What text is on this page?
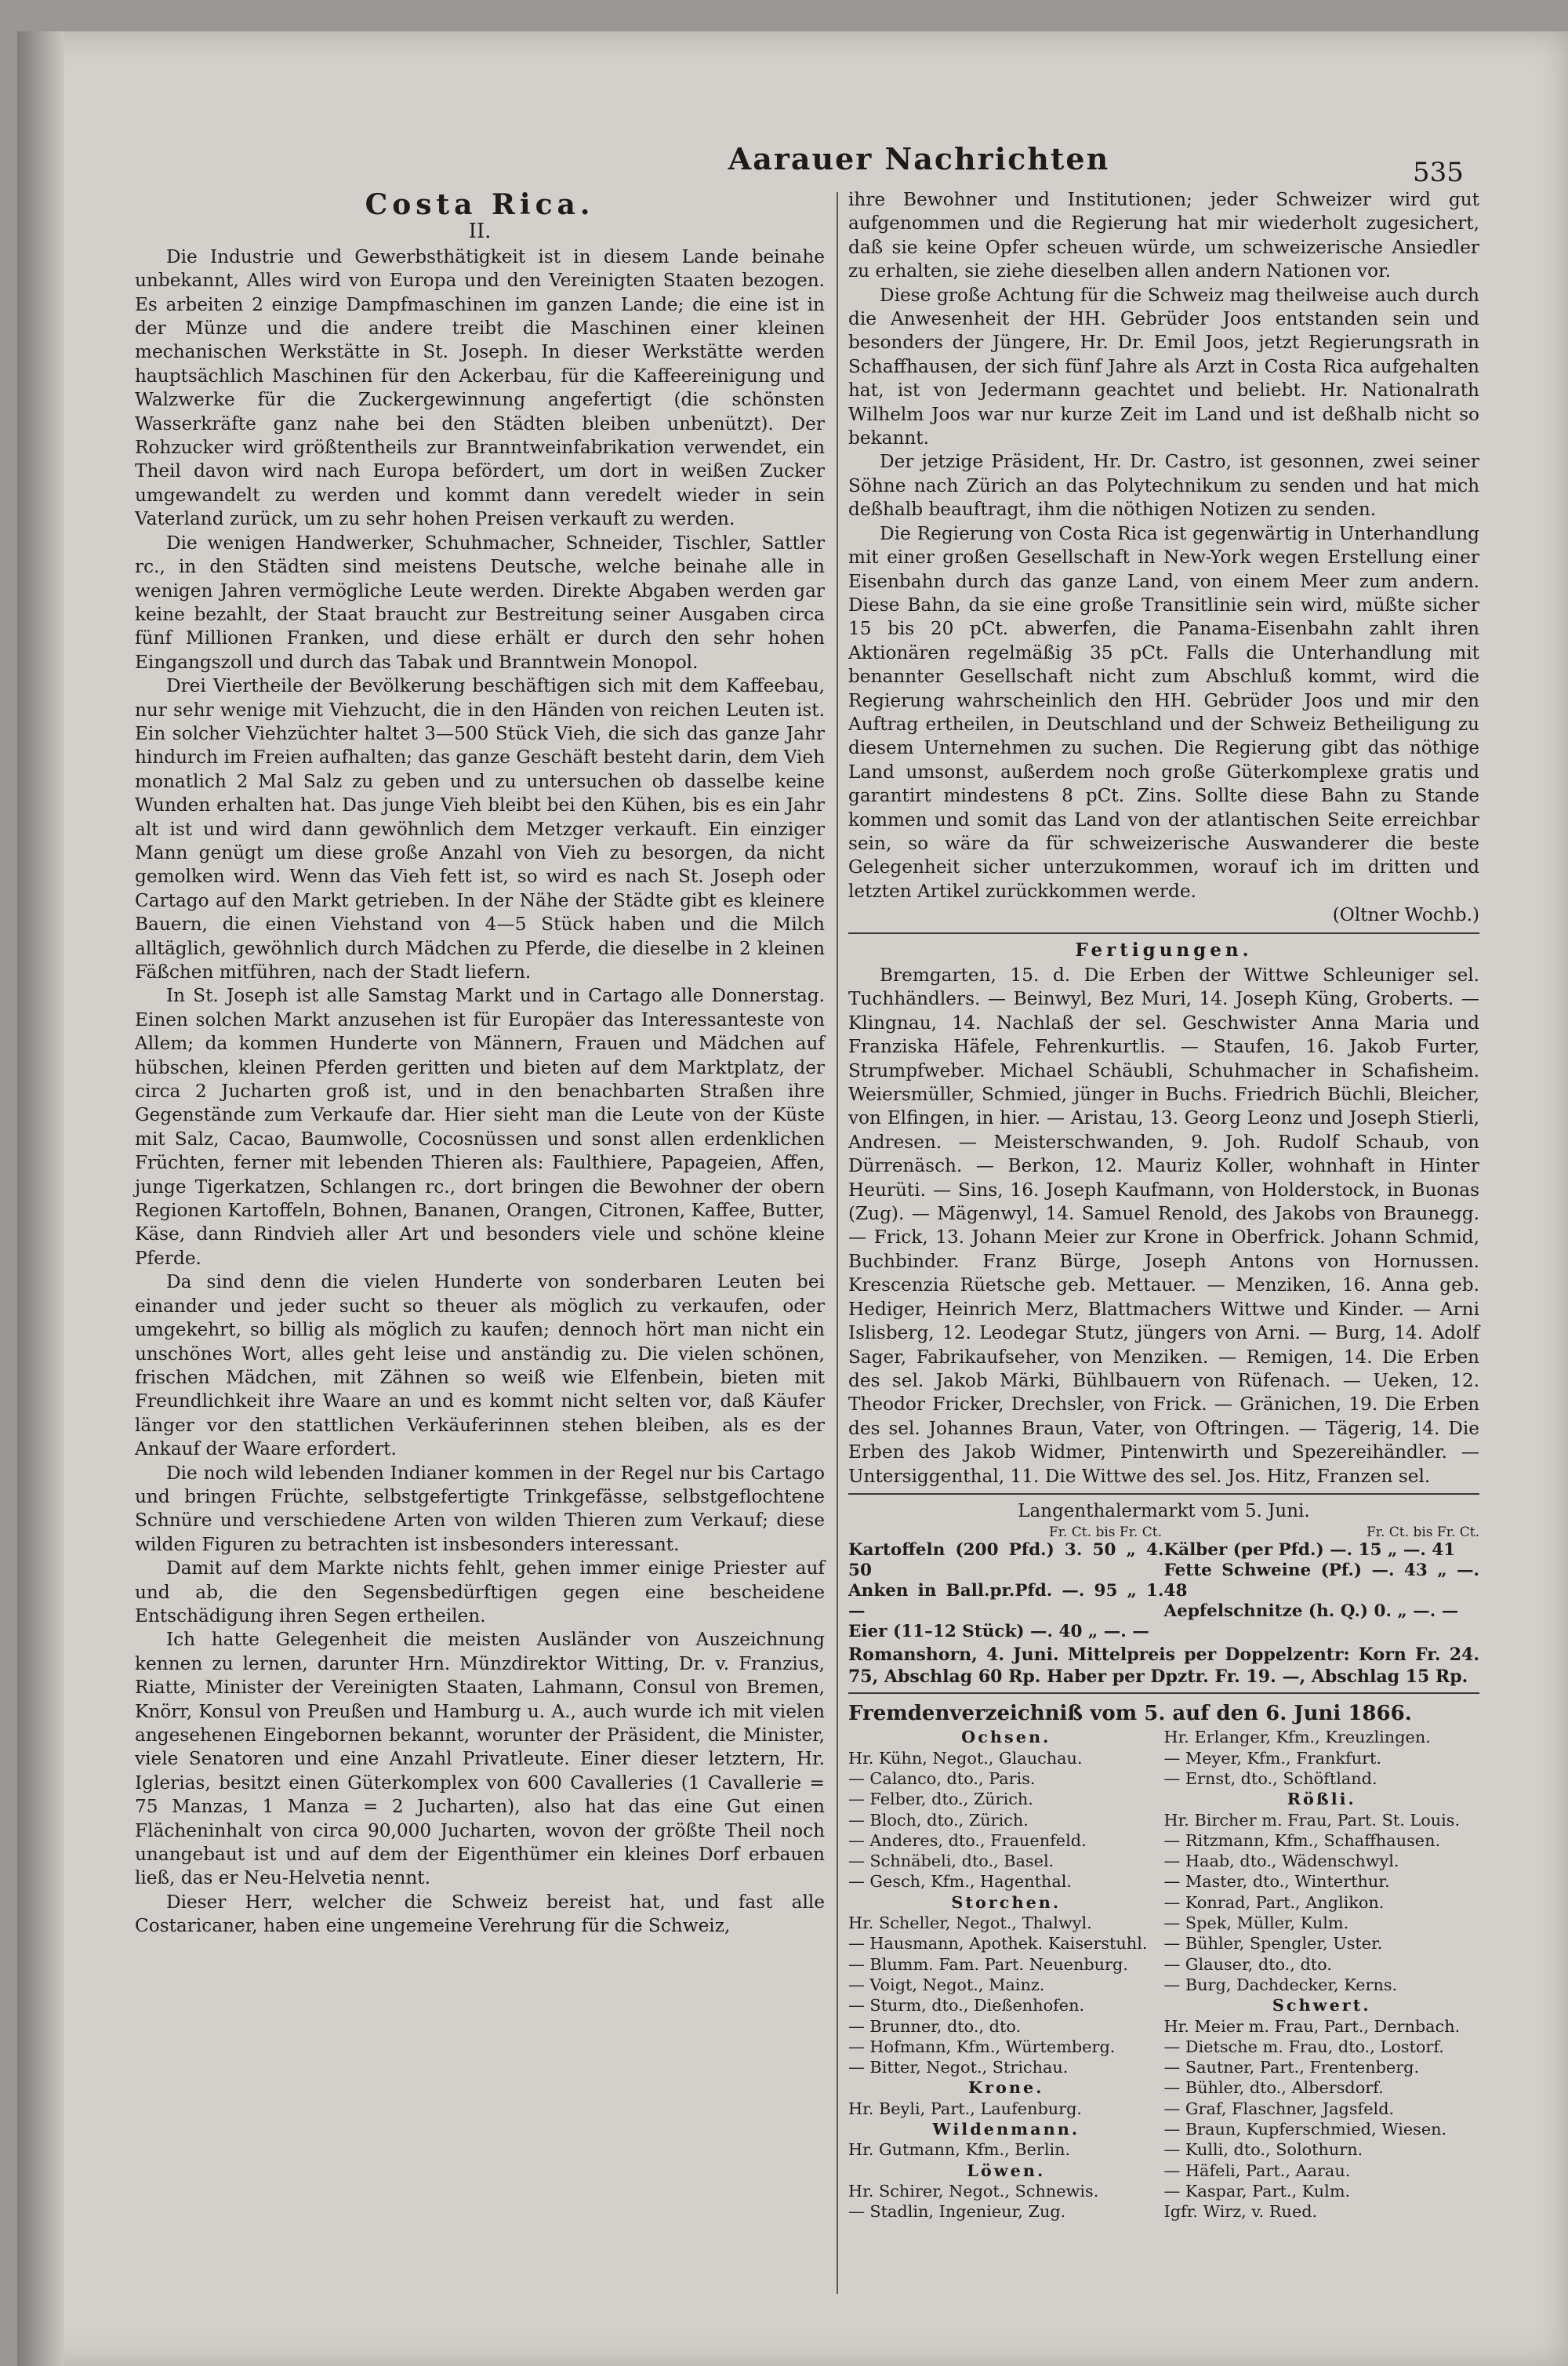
Aarauer Nachrichten	535
Costa Rica.
II.

Die Industrie und Gewerbsthätigkeit ist in diesem Lande beinahe unbekannt, Alles wird von Europa und den Vereinigten Staaten bezogen. Es arbeiten 2 einzige Dampfmaschinen im ganzen Lande; die eine ist in der Münze und die andere treibt die Maschinen einer kleinen mechanischen Werkstätte in St. Joseph. In dieser Werkstätte werden hauptsächlich Maschinen für den Ackerbau, für die Kaffeereinigung und Walzwerke für die Zuckergewinnung angefertigt (die schönsten Wasserkräfte ganz nahe bei den Städten bleiben unbenützt). Der Rohzucker wird größtentheils zur Branntweinfabrikation verwendet, ein Theil davon wird nach Europa befördert, um dort in weißen Zucker umgewandelt zu werden und kommt dann veredelt wieder in sein Vaterland zurück, um zu sehr hohen Preisen verkauft zu werden.

Die wenigen Handwerker, Schuhmacher, Schneider, Tischler, Sattler rc., in den Städten sind meistens Deutsche, welche beinahe alle in wenigen Jahren vermögliche Leute werden. Direkte Abgaben werden gar keine bezahlt, der Staat braucht zur Bestreitung seiner Ausgaben circa fünf Millionen Franken, und diese erhält er durch den sehr hohen Eingangszoll und durch das Tabak und Branntwein Monopol.

Drei Viertheile der Bevölkerung beschäftigen sich mit dem Kaffeebau, nur sehr wenige mit Viehzucht, die in den Händen von reichen Leuten ist. Ein solcher Viehzüchter haltet 3—500 Stück Vieh, die sich das ganze Jahr hindurch im Freien aufhalten; das ganze Geschäft besteht darin, dem Vieh monatlich 2 Mal Salz zu geben und zu untersuchen ob dasselbe keine Wunden erhalten hat. Das junge Vieh bleibt bei den Kühen, bis es ein Jahr alt ist und wird dann gewöhnlich dem Metzger verkauft. Ein einziger Mann genügt um diese große Anzahl von Vieh zu besorgen, da nicht gemolken wird. Wenn das Vieh fett ist, so wird es nach St. Joseph oder Cartago auf den Markt getrieben. In der Nähe der Städte gibt es kleinere Bauern, die einen Viehstand von 4—5 Stück haben und die Milch alltäglich, gewöhnlich durch Mädchen zu Pferde, die dieselbe in 2 kleinen Fäßchen mitführen, nach der Stadt liefern.

In St. Joseph ist alle Samstag Markt und in Cartago alle Donnerstag. Einen solchen Markt anzusehen ist für Europäer das Interessanteste von Allem; da kommen Hunderte von Männern, Frauen und Mädchen auf hübschen, kleinen Pferden geritten und bieten auf dem Marktplatz, der circa 2 Jucharten groß ist, und in den benachbarten Straßen ihre Gegenstände zum Verkaufe dar. Hier sieht man die Leute von der Küste mit Salz, Cacao, Baumwolle, Cocosnüssen und sonst allen erdenklichen Früchten, ferner mit lebenden Thieren als: Faulthiere, Papageien, Affen, junge Tigerkatzen, Schlangen rc., dort bringen die Bewohner der obern Regionen Kartoffeln, Bohnen, Bananen, Orangen, Citronen, Kaffee, Butter, Käse, dann Rindvieh aller Art und besonders viele und schöne kleine Pferde.

Da sind denn die vielen Hunderte von sonderbaren Leuten bei einander und jeder sucht so theuer als möglich zu verkaufen, oder umgekehrt, so billig als möglich zu kaufen; dennoch hört man nicht ein unschönes Wort, alles geht leise und anständig zu. Die vielen schönen, frischen Mädchen, mit Zähnen so weiß wie Elfenbein, bieten mit Freundlichkeit ihre Waare an und es kommt nicht selten vor, daß Käufer länger vor den stattlichen Verkäuferinnen stehen bleiben, als es der Ankauf der Waare erfordert.

Die noch wild lebenden Indianer kommen in der Regel nur bis Cartago und bringen Früchte, selbstgefertigte Trinkgefässe, selbstgeflochtene Schnüre und verschiedene Arten von wilden Thieren zum Verkauf; diese wilden Figuren zu betrachten ist insbesonders interessant.

Damit auf dem Markte nichts fehlt, gehen immer einige Priester auf und ab, die den Segensbedürftigen gegen eine bescheidene Entschädigung ihren Segen ertheilen.

Ich hatte Gelegenheit die meisten Ausländer von Auszeichnung kennen zu lernen, darunter Hrn. Münzdirektor Witting, Dr. v. Franzius, Riatte, Minister der Vereinigten Staaten, Lahmann, Consul von Bremen, Knörr, Konsul von Preußen und Hamburg u. A., auch wurde ich mit vielen angesehenen Eingebornen bekannt, worunter der Präsident, die Minister, viele Senatoren und eine Anzahl Privatleute. Einer dieser letztern, Hr. Iglerias, besitzt einen Güterkomplex von 600 Cavalleries (1 Cavallerie = 75 Manzas, 1 Manza = 2 Jucharten), also hat das eine Gut einen Flächeninhalt von circa 90,000 Jucharten, wovon der größte Theil noch unangebaut ist und auf dem der Eigenthümer ein kleines Dorf erbauen ließ, das er Neu-Helvetia nennt.

Dieser Herr, welcher die Schweiz bereist hat, und fast alle Costaricaner, haben eine ungemeine Verehrung für die Schweiz,

ihre Bewohner und Institutionen; jeder Schweizer wird gut aufgenommen und die Regierung hat mir wiederholt zugesichert, daß sie keine Opfer scheuen würde, um schweizerische Ansiedler zu erhalten, sie ziehe dieselben allen andern Nationen vor.

Diese große Achtung für die Schweiz mag theilweise auch durch die Anwesenheit der HH. Gebrüder Joos entstanden sein und besonders der Jüngere, Hr. Dr. Emil Joos, jetzt Regierungsrath in Schaffhausen, der sich fünf Jahre als Arzt in Costa Rica aufgehalten hat, ist von Jedermann geachtet und beliebt. Hr. Nationalrath Wilhelm Joos war nur kurze Zeit im Land und ist deßhalb nicht so bekannt.

Der jetzige Präsident, Hr. Dr. Castro, ist gesonnen, zwei seiner Söhne nach Zürich an das Polytechnikum zu senden und hat mich deßhalb beauftragt, ihm die nöthigen Notizen zu senden.

Die Regierung von Costa Rica ist gegenwärtig in Unterhandlung mit einer großen Gesellschaft in New-York wegen Erstellung einer Eisenbahn durch das ganze Land, von einem Meer zum andern. Diese Bahn, da sie eine große Transitlinie sein wird, müßte sicher 15 bis 20 pCt. abwerfen, die Panama-Eisenbahn zahlt ihren Aktionären regelmäßig 35 pCt. Falls die Unterhandlung mit benannter Gesellschaft nicht zum Abschluß kommt, wird die Regierung wahrscheinlich den HH. Gebrüder Joos und mir den Auftrag ertheilen, in Deutschland und der Schweiz Betheiligung zu diesem Unternehmen zu suchen. Die Regierung gibt das nöthige Land umsonst, außerdem noch große Güterkomplexe gratis und garantirt mindestens 8 pCt. Zins. Sollte diese Bahn zu Stande kommen und somit das Land von der atlantischen Seite erreichbar sein, so wäre da für schweizerische Auswanderer die beste Gelegenheit sicher unterzukommen, worauf ich im dritten und letzten Artikel zurückkommen werde.

(Oltner Wochb.)
Fertigungen.

Bremgarten, 15. d. Die Erben der Wittwe Schleuniger sel. Tuchhändlers. — Beinwyl, Bez Muri, 14. Joseph Küng, Groberts. — Klingnau, 14. Nachlaß der sel. Geschwister Anna Maria und Franziska Häfele, Fehrenkurtlis. — Staufen, 16. Jakob Furter, Strumpfweber. Michael Schäubli, Schuhmacher in Schafisheim. Weiersmüller, Schmied, jünger in Buchs. Friedrich Büchli, Bleicher, von Elfingen, in hier. — Aristau, 13. Georg Leonz und Joseph Stierli, Andresen. — Meisterschwanden, 9. Joh. Rudolf Schaub, von Dürrenäsch. — Berkon, 12. Mauriz Koller, wohnhaft in Hinter Heurüti. — Sins, 16. Joseph Kaufmann, von Holderstock, in Buonas (Zug). — Mägenwyl, 14. Samuel Renold, des Jakobs von Braunegg. — Frick, 13. Johann Meier zur Krone in Oberfrick. Johann Schmid, Buchbinder. Franz Bürge, Joseph Antons von Hornussen. Krescenzia Rüetsche geb. Mettauer. — Menziken, 16. Anna geb. Hediger, Heinrich Merz, Blattmachers Wittwe und Kinder. — Arni Islisberg, 12. Leodegar Stutz, jüngers von Arni. — Burg, 14. Adolf Sager, Fabrikaufseher, von Menziken. — Remigen, 14. Die Erben des sel. Jakob Märki, Bühlbauern von Rüfenach. — Ueken, 12. Theodor Fricker, Drechsler, von Frick. — Gränichen, 19. Die Erben des sel. Johannes Braun, Vater, von Oftringen. — Tägerig, 14. Die Erben des Jakob Widmer, Pintenwirth und Spezereihändler. — Untersiggenthal, 11. Die Wittwe des sel. Jos. Hitz, Franzen sel.

Langenthalermarkt vom 5. Juni.
Fr. Ct. bis Fr. Ct.	Fr. Ct. bis Fr. Ct.
Kartoffeln (200 Pfd.) 3. 50 „ 4. 50
Anken in Ball.pr.Pfd. —. 95 „ 1. —
Eier (11–12 Stück) —. 40 „ —. —
Kälber (per Pfd.) —. 15 „ —. 41
Fette Schweine (Pf.) —. 43 „ —. 48
Aepfelschnitze (h. Q.) 0. „ —. —

Romanshorn, 4. Juni. Mittelpreis per Doppelzentr: Korn Fr. 24. 75, Abschlag 60 Rp. Haber per Dpztr. Fr. 19. —, Abschlag 15 Rp.

Fremdenverzeichniß vom 5. auf den 6. Juni 1866.
Ochsen.
Hr. Kühn, Negot., Glauchau.
— Calanco, dto., Paris.
— Felber, dto., Zürich.
— Bloch, dto., Zürich.
— Anderes, dto., Frauenfeld.
— Schnäbeli, dto., Basel.
— Gesch, Kfm., Hagenthal.
Storchen.
Hr. Scheller, Negot., Thalwyl.
— Hausmann, Apothek. Kaiserstuhl.
— Blumm. Fam. Part. Neuenburg.
— Voigt, Negot., Mainz.
— Sturm, dto., Dießenhofen.
— Brunner, dto., dto.
— Hofmann, Kfm., Würtemberg.
— Bitter, Negot., Strichau.
Krone.
Hr. Beyli, Part., Laufenburg.
Wildenmann.
Hr. Gutmann, Kfm., Berlin.
Löwen.
Hr. Schirer, Negot., Schnewis.
— Stadlin, Ingenieur, Zug.
Hr. Erlanger, Kfm., Kreuzlingen.
— Meyer, Kfm., Frankfurt.
— Ernst, dto., Schöftland.
Rößli.
Hr. Bircher m. Frau, Part. St. Louis.
— Ritzmann, Kfm., Schaffhausen.
— Haab, dto., Wädenschwyl.
— Master, dto., Winterthur.
— Konrad, Part., Anglikon.
— Spek, Müller, Kulm.
— Bühler, Spengler, Uster.
— Glauser, dto., dto.
— Burg, Dachdecker, Kerns.
Schwert.
Hr. Meier m. Frau, Part., Dernbach.
— Dietsche m. Frau, dto., Lostorf.
— Sautner, Part., Frentenberg.
— Bühler, dto., Albersdorf.
— Graf, Flaschner, Jagsfeld.
— Braun, Kupferschmied, Wiesen.
— Kulli, dto., Solothurn.
— Häfeli, Part., Aarau.
— Kaspar, Part., Kulm.
Igfr. Wirz, v. Rued.
